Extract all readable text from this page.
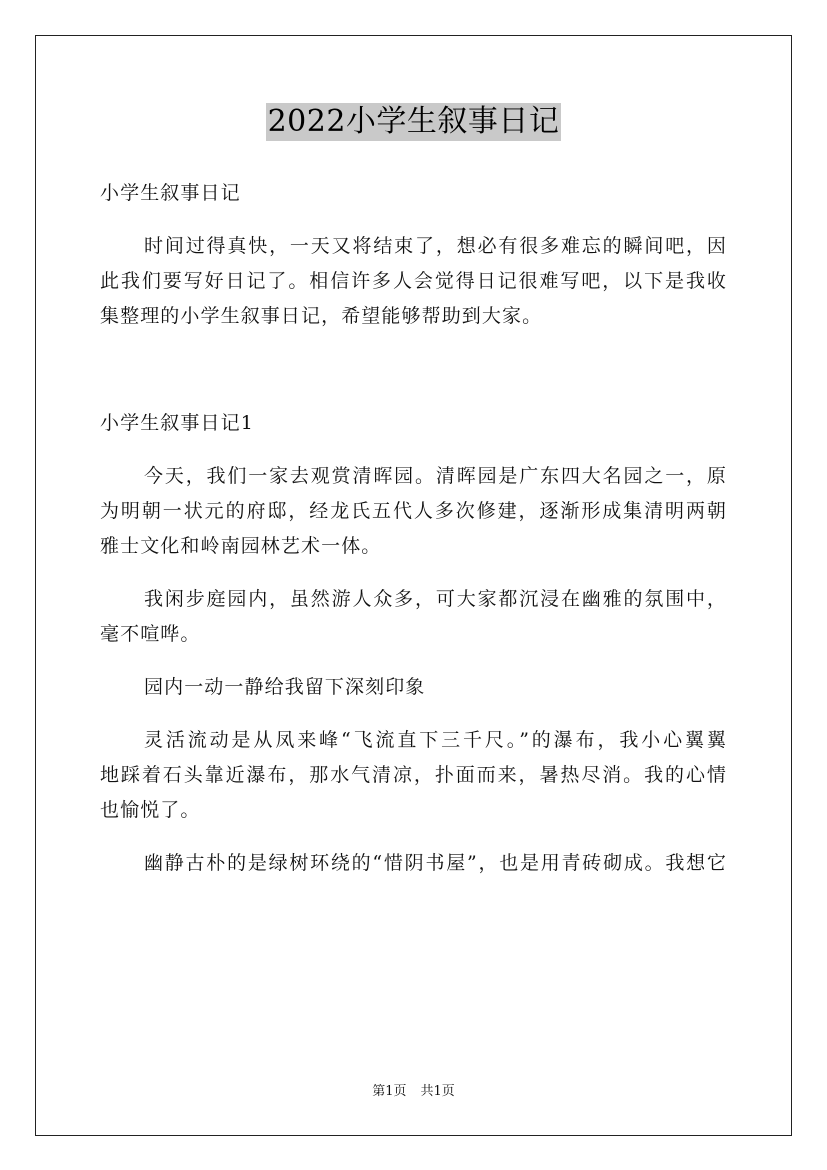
2022小学生叙事日记
小学生叙事日记
时间过得真快，一天又将结束了，想必有很多难忘的瞬间吧，因
此我们要写好日记了。相信许多人会觉得日记很难写吧，以下是我收
集整理的小学生叙事日记，希望能够帮助到大家。
小学生叙事日记1
今天，我们一家去观赏清晖园。清晖园是广东四大名园之一，原
为明朝一状元的府邸，经龙氏五代人多次修建，逐渐形成集清明两朝
雅士文化和岭南园林艺术一体。
我闲步庭园内，虽然游人众多，可大家都沉浸在幽雅的氛围中，
毫不喧哗。
园内一动一静给我留下深刻印象
灵活流动是从凤来峰“飞流直下三千尺。”的瀑布，我小心翼翼
地踩着石头靠近瀑布，那水气清凉，扑面而来，暑热尽消。我的心情
也愉悦了。
幽静古朴的是绿树环绕的“惜阴书屋”，也是用青砖砌成。我想它
第1页 共1页
